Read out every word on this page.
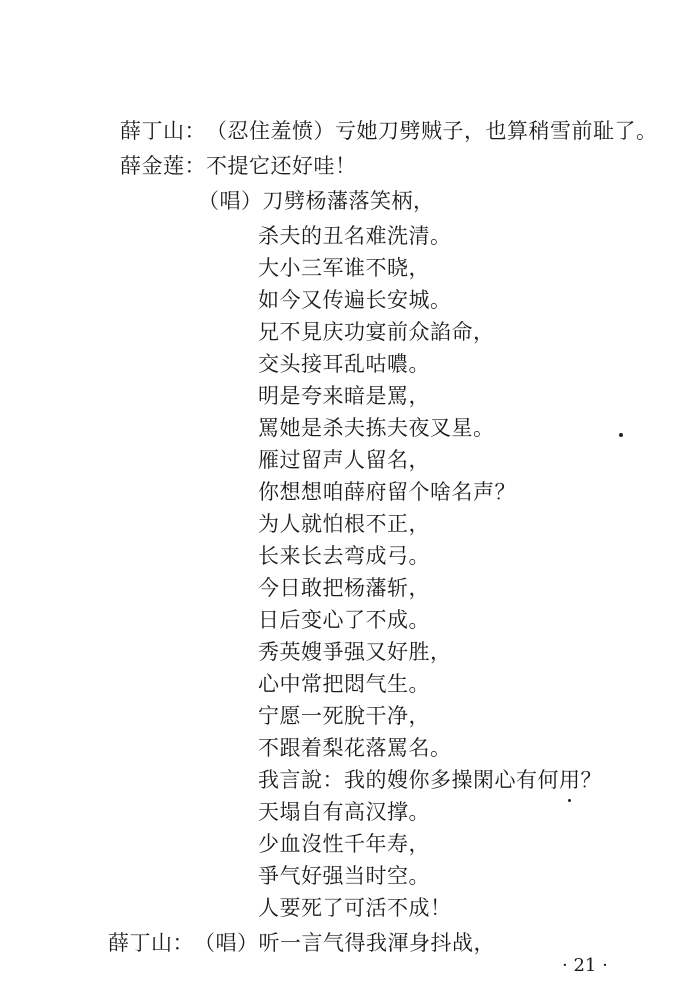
薛丁山：（忍住羞愤）亏她刀劈贼子，也算稍雪前耻了。
薛金莲：不提它还好哇！
（唱）刀劈杨藩落笑柄，
杀夫的丑名难洗清。
大小三军谁不晓，
如今又传遍长安城。
兄不見庆功宴前众諂命，
交头接耳乱咕噥。
明是夸来暗是罵，
罵她是杀夫拣夫夜叉星。
雁过留声人留名，
你想想咱薛府留个啥名声？
为人就怕根不正，
长来长去弯成弓。
今日敢把杨藩斩，
日后变心了不成。
秀英嫂爭强又好胜，
心中常把悶气生。
宁愿一死脫干净，
不跟着梨花落罵名。
我言說：我的嫂你多操閑心有何用？
天塌自有高汉撑。
少血沒性千年寿，
爭气好强当时空。
人要死了可活不成！
薛丁山：（唱）听一言气得我渾身抖战，
· 21 ·
